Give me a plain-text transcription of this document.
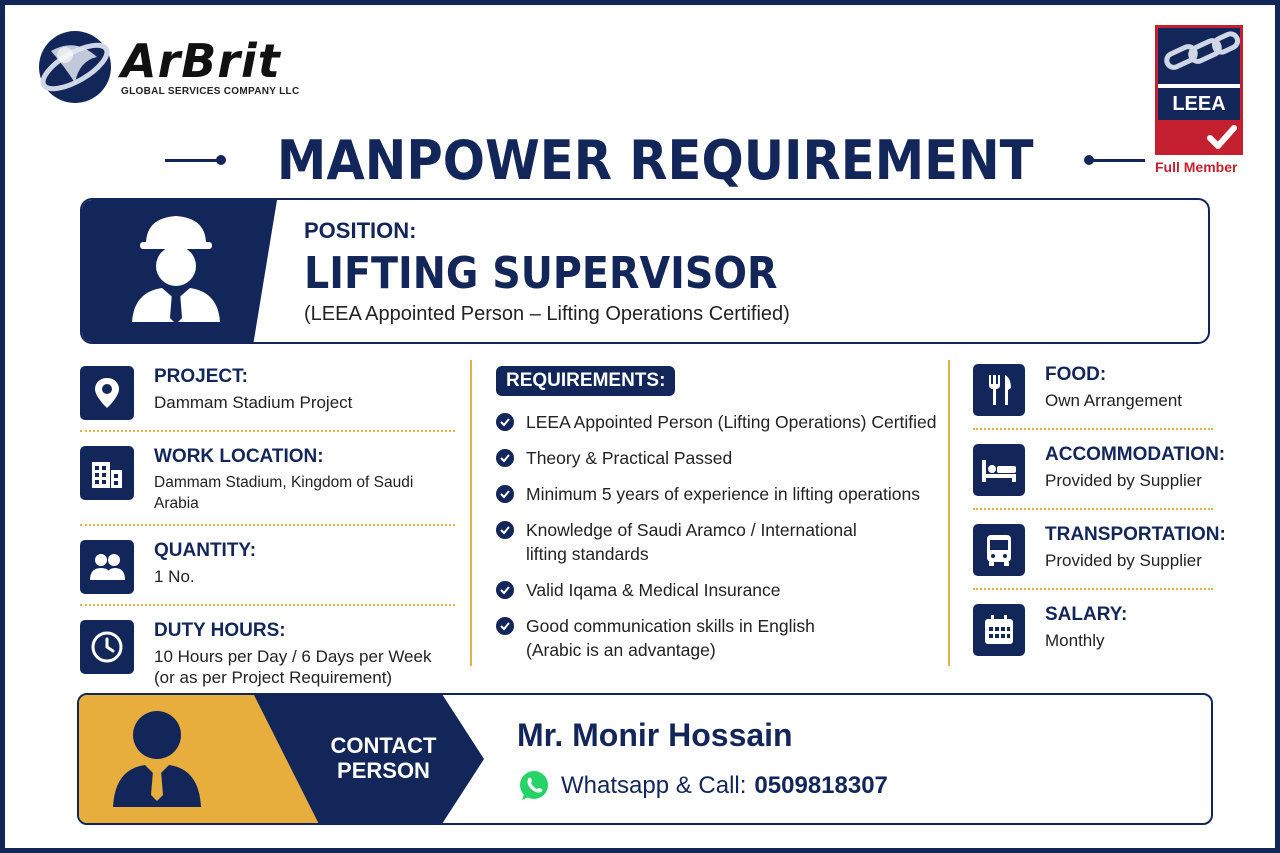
ArBrit
GLOBAL SERVICES COMPANY LLC
MANPOWER REQUIREMENT
LEEA
Full Member
POSITION:
LIFTING SUPERVISOR
(LEEA Appointed Person – Lifting Operations Certified)
PROJECT:
Dammam Stadium Project
WORK LOCATION:
Dammam Stadium, Kingdom of Saudi Arabia
QUANTITY:
1 No.
DUTY HOURS:
10 Hours per Day / 6 Days per Week
(or as per Project Requirement)
REQUIREMENTS:
LEEA Appointed Person (Lifting Operations) Certified
Theory & Practical Passed
Minimum 5 years of experience in lifting operations
Knowledge of Saudi Aramco / International
lifting standards
Valid Iqama & Medical Insurance
Good communication skills in English
(Arabic is an advantage)
FOOD:
Own Arrangement
ACCOMMODATION:
Provided by Supplier
TRANSPORTATION:
Provided by Supplier
SALARY:
Monthly
CONTACT
PERSON
Mr. Monir Hossain
Whatsapp & Call: 0509818307
